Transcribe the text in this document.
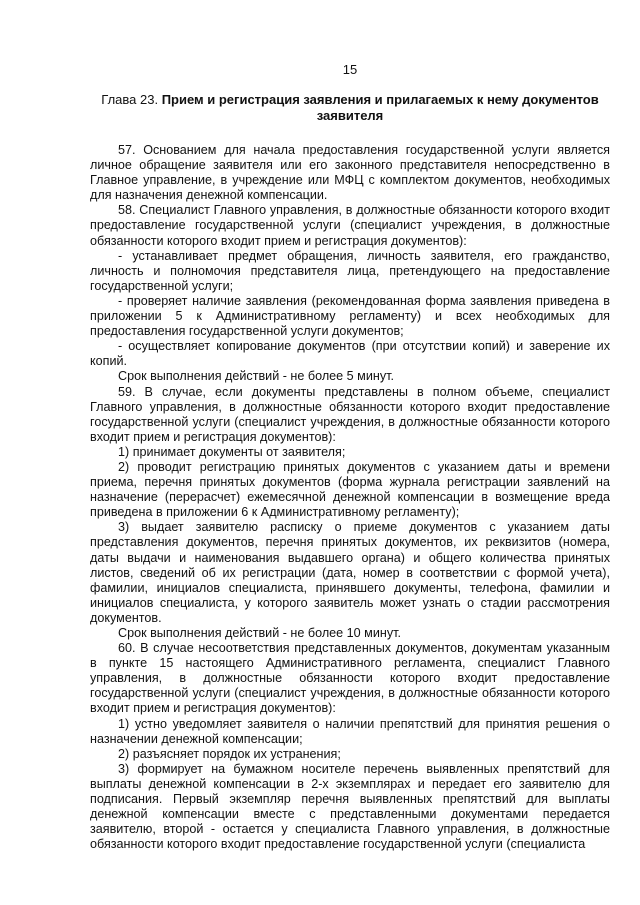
15
Глава 23. Прием и регистрация заявления и прилагаемых к нему документов заявителя

57. Основанием для начала предоставления государственной услуги является личное обращение заявителя или его законного представителя непосредственно в Главное управление, в учреждение или МФЦ с комплектом документов, необходимых для назначения денежной компенсации.

58. Специалист Главного управления, в должностные обязанности которого входит предоставление государственной услуги (специалист учреждения, в должностные обязанности которого входит прием и регистрация документов):

- устанавливает предмет обращения, личность заявителя, его гражданство, личность и полномочия представителя лица, претендующего на предоставление государственной услуги;

- проверяет наличие заявления (рекомендованная форма заявления приведена в приложении 5 к Административному регламенту) и всех необходимых для предоставления государственной услуги документов;

- осуществляет копирование документов (при отсутствии копий) и заверение их копий.

Срок выполнения действий - не более 5 минут.

59. В случае, если документы представлены в полном объеме, специалист Главного управления, в должностные обязанности которого входит предоставление государственной услуги (специалист учреждения, в должностные обязанности которого входит прием и регистрация документов):

1) принимает документы от заявителя;

2) проводит регистрацию принятых документов с указанием даты и времени приема, перечня принятых документов (форма журнала регистрации заявлений на назначение (перерасчет) ежемесячной денежной компенсации в возмещение вреда приведена в приложении 6 к Административному регламенту);

3) выдает заявителю расписку о приеме документов с указанием даты представления документов, перечня принятых документов, их реквизитов (номера, даты выдачи и наименования выдавшего органа) и общего количества принятых листов, сведений об их регистрации (дата, номер в соответствии с формой учета), фамилии, инициалов специалиста, принявшего документы, телефона, фамилии и инициалов специалиста, у которого заявитель может узнать о стадии рассмотрения документов.

Срок выполнения действий - не более 10 минут.

60. В случае несоответствия представленных документов, документам указанным в пункте 15 настоящего Административного регламента, специалист Главного управления, в должностные обязанности которого входит предоставление государственной услуги (специалист учреждения, в должностные обязанности которого входит прием и регистрация документов):

1) устно уведомляет заявителя о наличии препятствий для принятия решения о назначении денежной компенсации;

2) разъясняет порядок их устранения;

3) формирует на бумажном носителе перечень выявленных препятствий для выплаты денежной компенсации в 2-х экземплярах и передает его заявителю для подписания. Первый экземпляр перечня выявленных препятствий для выплаты денежной компенсации вместе с представленными документами передается заявителю, второй - остается у специалиста Главного управления, в должностные обязанности которого входит предоставление государственной услуги (специалиста
